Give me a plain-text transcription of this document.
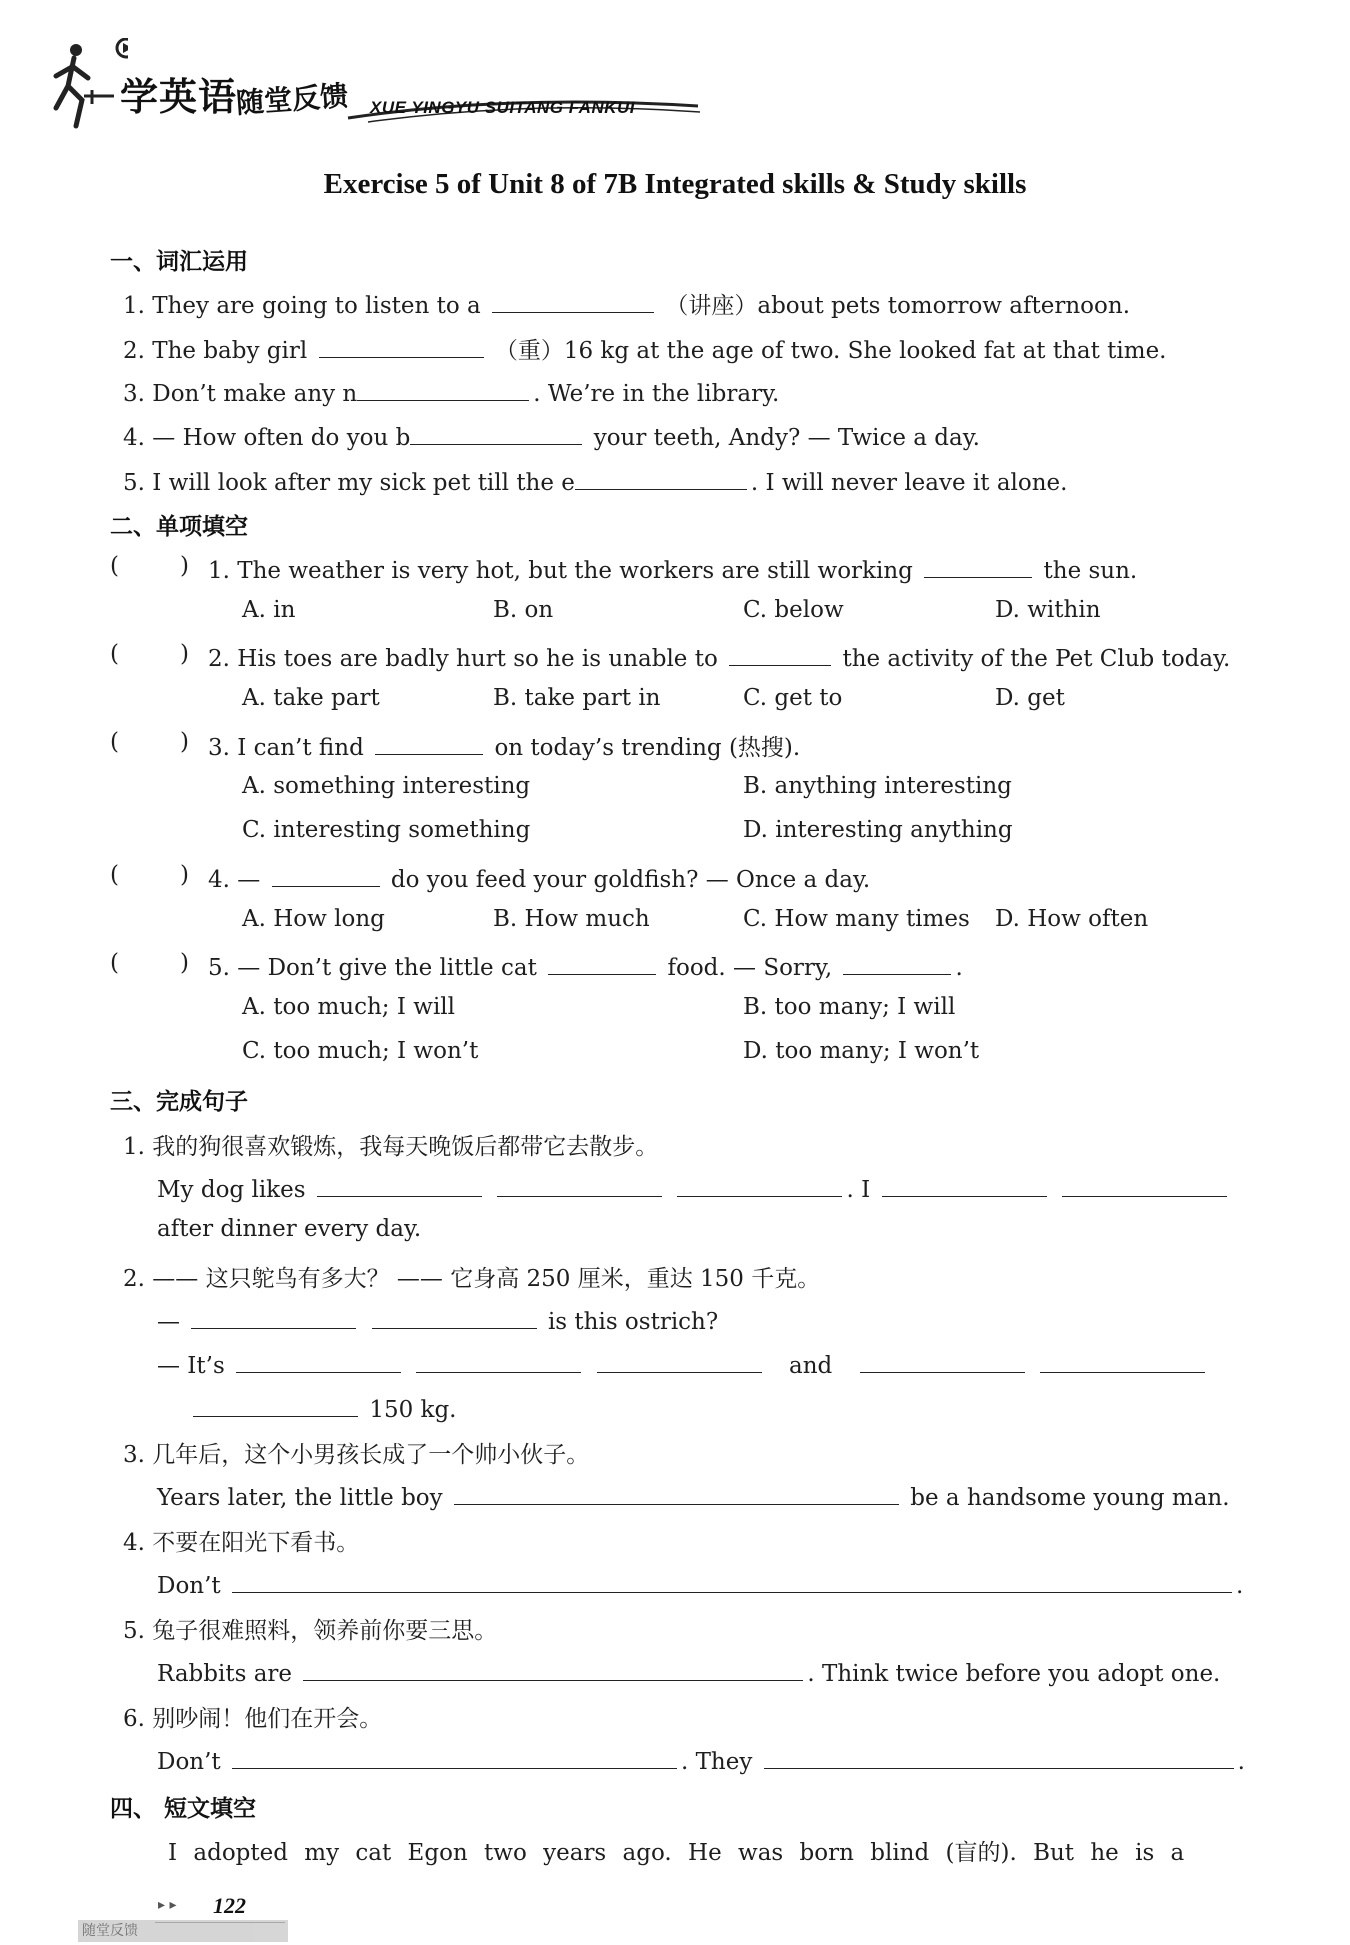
学英语
随堂反馈 XUE YINGYU SUITANG FANKUI
Exercise 5 of Unit 8 of 7B Integrated skills & Study skills
一、词汇运用
1. They are going to listen to a	（讲座）about pets tomorrow afternoon.
2. The baby girl	（重）16 kg at the age of two. She looked fat at that time.
3. Don’t make any n	. We’re in the library.
4. — How often do you b	your teeth, Andy? — Twice a day.
5. I will look after my sick pet till the e	. I will never leave it alone.
二、单项填空
(	) 1. The weather is very hot, but the workers are still working	the sun.
A. in	B. on	C. below	D. within
(	) 2. His toes are badly hurt so he is unable to	the activity of the Pet Club today.
A. take part	B. take part in	C. get to	D. get
(	) 3. I can’t find	on today’s trending (热搜).
A. something interesting	B. anything interesting
C. interesting something	D. interesting anything
(	) 4. —	do you feed your goldfish? — Once a day.
A. How long	B. How much	C. How many times D. How often
(	) 5. — Don’t give the little cat	food. — Sorry,	.
A. too much; I will	B. too many; I will
C. too much; I won’t	D. too many; I won’t
三、完成句子
1. 我的狗很喜欢锻炼，我每天晚饭后都带它去散步。
My dog likes	. I
after dinner every day.
2. —— 这只鸵鸟有多大？ —— 它身高 250 厘米，重达 150 千克。
—	is this ostrich?
— It’s	and
150 kg.
3. 几年后，这个小男孩长成了一个帅小伙子。
Years later, the little boy	be a handsome young man.
4. 不要在阳光下看书。
Don’t	.
5. 兔子很难照料，领养前你要三思。
Rabbits are	. Think twice before you adopt one.
6. 别吵闹！他们在开会。
Don’t	. They	.
四、 短文填空
I adopted my cat Egon two years ago. He was born blind (盲的). But he is a
▸ ▸ 122
随堂反馈
